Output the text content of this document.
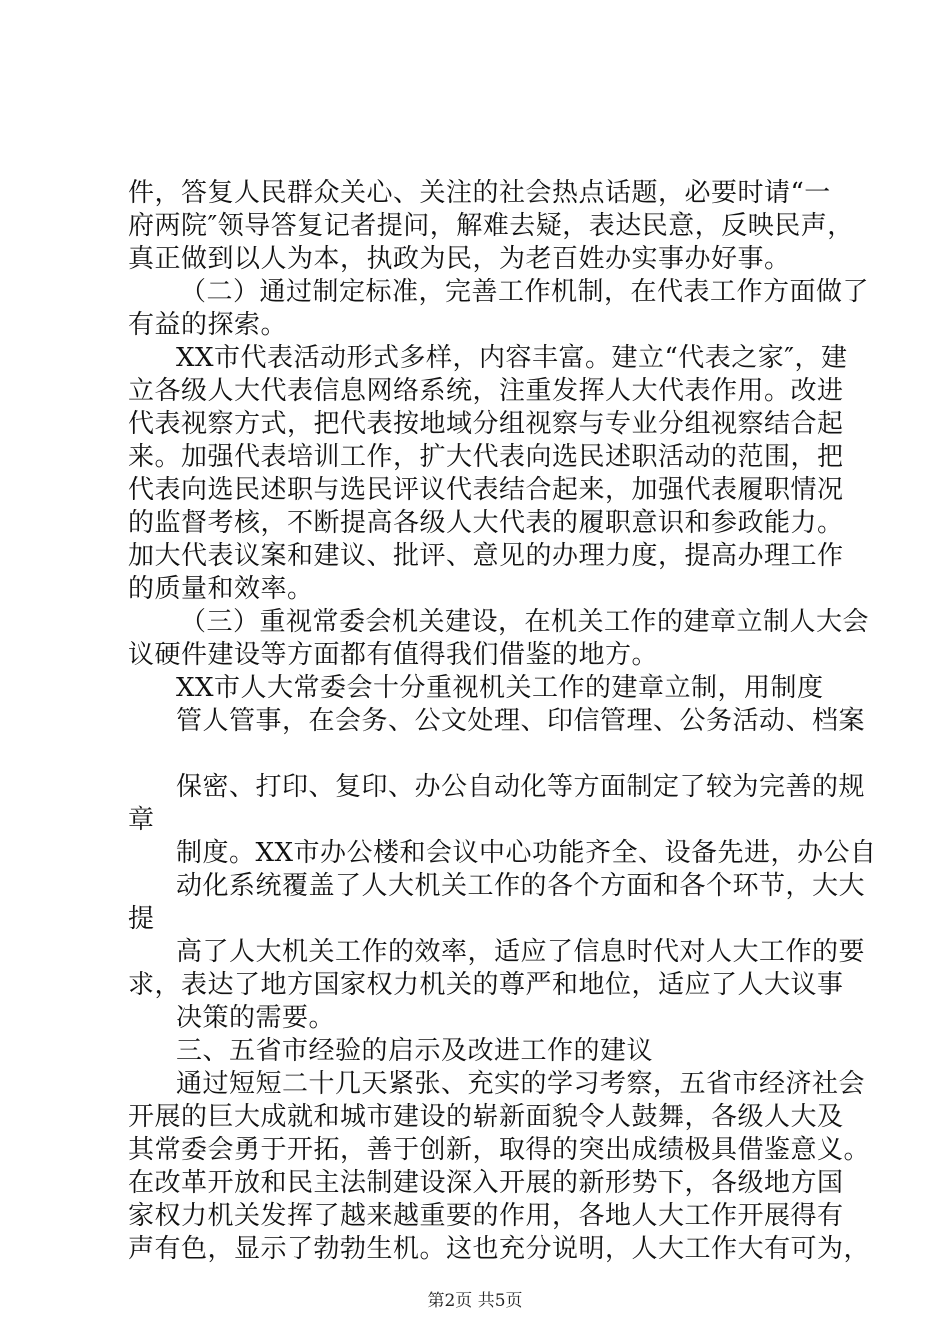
件，答复人民群众关心、关注的社会热点话题，必要时请“一
府两院″领导答复记者提问，解难去疑，表达民意，反映民声，
真正做到以人为本，执政为民，为老百姓办实事办好事。
（二）通过制定标准，完善工作机制，在代表工作方面做了
有益的探索。
XX市代表活动形式多样，内容丰富。建立“代表之家″，建
立各级人大代表信息网络系统，注重发挥人大代表作用。改进
代表视察方式，把代表按地域分组视察与专业分组视察结合起
来。加强代表培训工作，扩大代表向选民述职活动的范围，把
代表向选民述职与选民评议代表结合起来，加强代表履职情况
的监督考核，不断提高各级人大代表的履职意识和参政能力。
加大代表议案和建议、批评、意见的办理力度，提高办理工作
的质量和效率。
（三）重视常委会机关建设，在机关工作的建章立制人大会
议硬件建设等方面都有值得我们借鉴的地方。
XX市人大常委会十分重视机关工作的建章立制，用制度
管人管事，在会务、公文处理、印信管理、公务活动、档案
保密、打印、复印、办公自动化等方面制定了较为完善的规
章
制度。XX市办公楼和会议中心功能齐全、设备先进，办公自
动化系统覆盖了人大机关工作的各个方面和各个环节，大大
提
高了人大机关工作的效率，适应了信息时代对人大工作的要
求，表达了地方国家权力机关的尊严和地位，适应了人大议事
决策的需要。
三、五省市经验的启示及改进工作的建议
通过短短二十几天紧张、充实的学习考察，五省市经济社会
开展的巨大成就和城市建设的崭新面貌令人鼓舞，各级人大及
其常委会勇于开拓，善于创新，取得的突出成绩极具借鉴意义。
在改革开放和民主法制建设深入开展的新形势下，各级地方国
家权力机关发挥了越来越重要的作用，各地人大工作开展得有
声有色，显示了勃勃生机。这也充分说明，人大工作大有可为，
第2页 共5页
